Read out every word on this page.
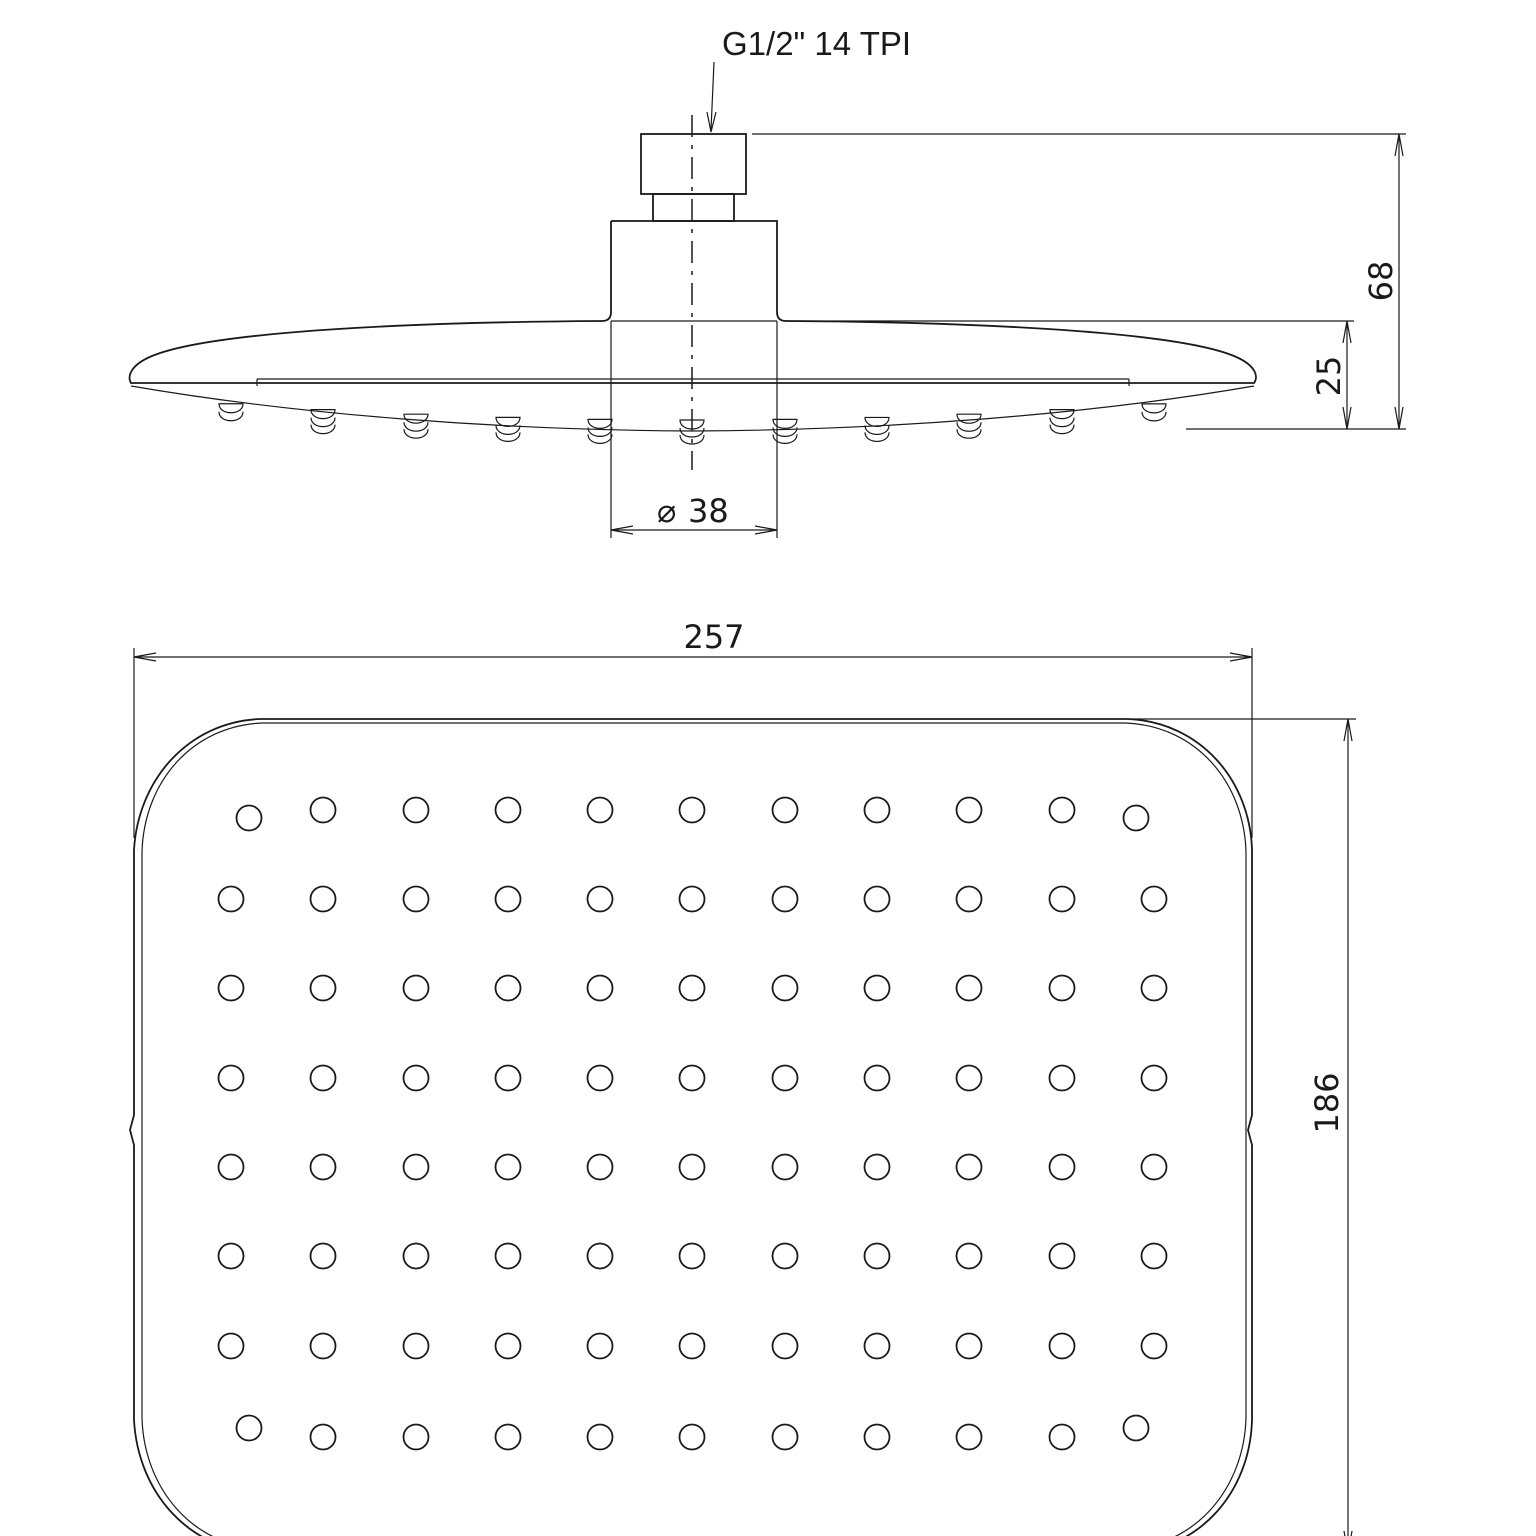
G1/2" 14 TPI
68
25
⌀ 38
257
186
